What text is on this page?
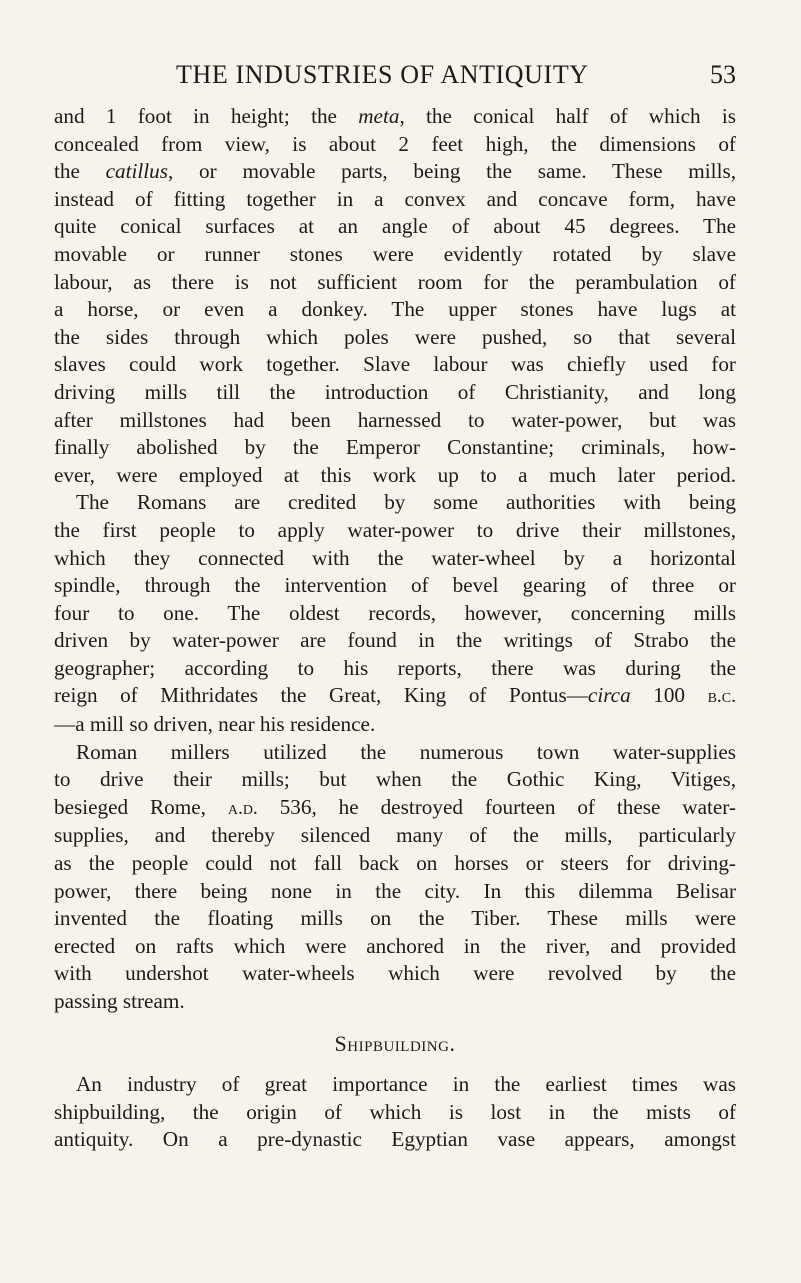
THE INDUSTRIES OF ANTIQUITY	53
and 1 foot in height; the meta, the conical half of which is
concealed from view, is about 2 feet high, the dimensions of
the catillus, or movable parts, being the same. These mills,
instead of fitting together in a convex and concave form, have
quite conical surfaces at an angle of about 45 degrees. The
movable or runner stones were evidently rotated by slave
labour, as there is not sufficient room for the perambulation of
a horse, or even a donkey. The upper stones have lugs at
the sides through which poles were pushed, so that several
slaves could work together. Slave labour was chiefly used for
driving mills till the introduction of Christianity, and long
after millstones had been harnessed to water-power, but was
finally abolished by the Emperor Constantine; criminals, how-
ever, were employed at this work up to a much later period.
The Romans are credited by some authorities with being
the first people to apply water-power to drive their millstones,
which they connected with the water-wheel by a horizontal
spindle, through the intervention of bevel gearing of three or
four to one. The oldest records, however, concerning mills
driven by water-power are found in the writings of Strabo the
geographer; according to his reports, there was during the
reign of Mithridates the Great, King of Pontus—circa 100 b.c.
—a mill so driven, near his residence.
Roman millers utilized the numerous town water-supplies
to drive their mills; but when the Gothic King, Vitiges,
besieged Rome, a.d. 536, he destroyed fourteen of these water-
supplies, and thereby silenced many of the mills, particularly
as the people could not fall back on horses or steers for driving-
power, there being none in the city. In this dilemma Belisar
invented the floating mills on the Tiber. These mills were
erected on rafts which were anchored in the river, and provided
with undershot water-wheels which were revolved by the
passing stream.
Shipbuilding.
An industry of great importance in the earliest times was
shipbuilding, the origin of which is lost in the mists of
antiquity. On a pre-dynastic Egyptian vase appears, amongst
